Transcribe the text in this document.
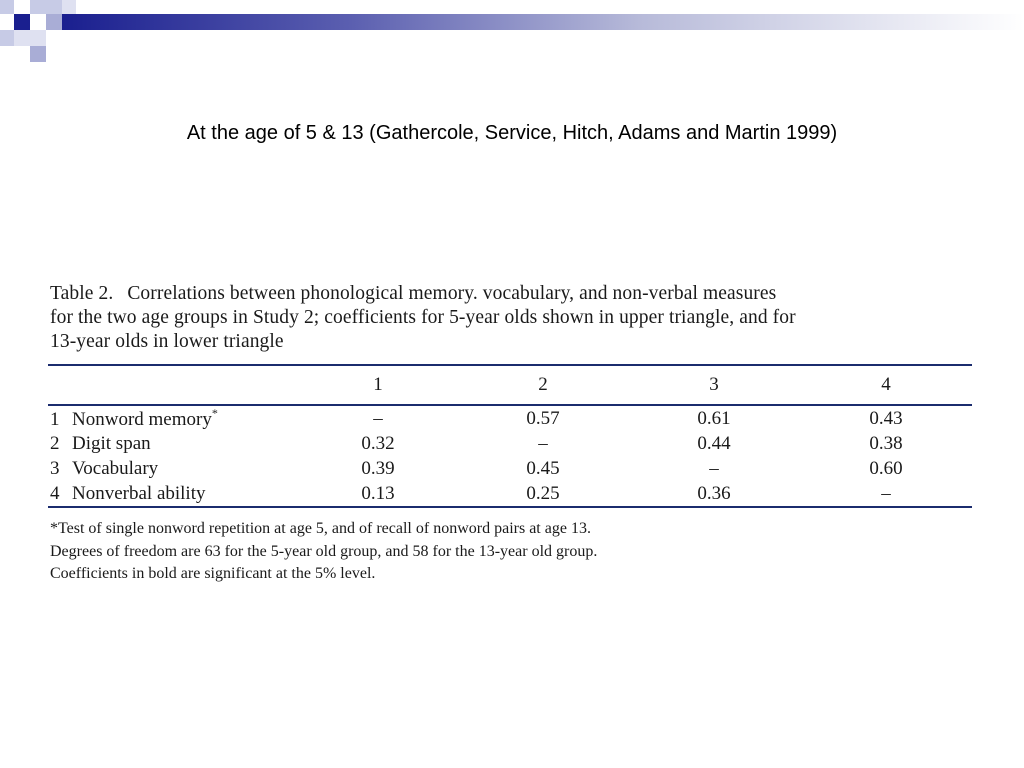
At the age of 5 & 13 (Gathercole, Service, Hitch, Adams and Martin 1999)
Table 2. Correlations between phonological memory. vocabulary, and non-verbal measures
for the two age groups in Study 2; coefficients for 5-year olds shown in upper triangle, and for
13-year olds in lower triangle
	1	2	3	4

1 Nonword memory*	–	0.57	0.61	0.43
2 Digit span	0.32	–	0.44	0.38
3 Vocabulary	0.39	0.45	–	0.60
4 Nonverbal ability	0.13	0.25	0.36	–
*Test of single nonword repetition at age 5, and of recall of nonword pairs at age 13.
Degrees of freedom are 63 for the 5-year old group, and 58 for the 13-year old group.
Coefficients in bold are significant at the 5% level.
